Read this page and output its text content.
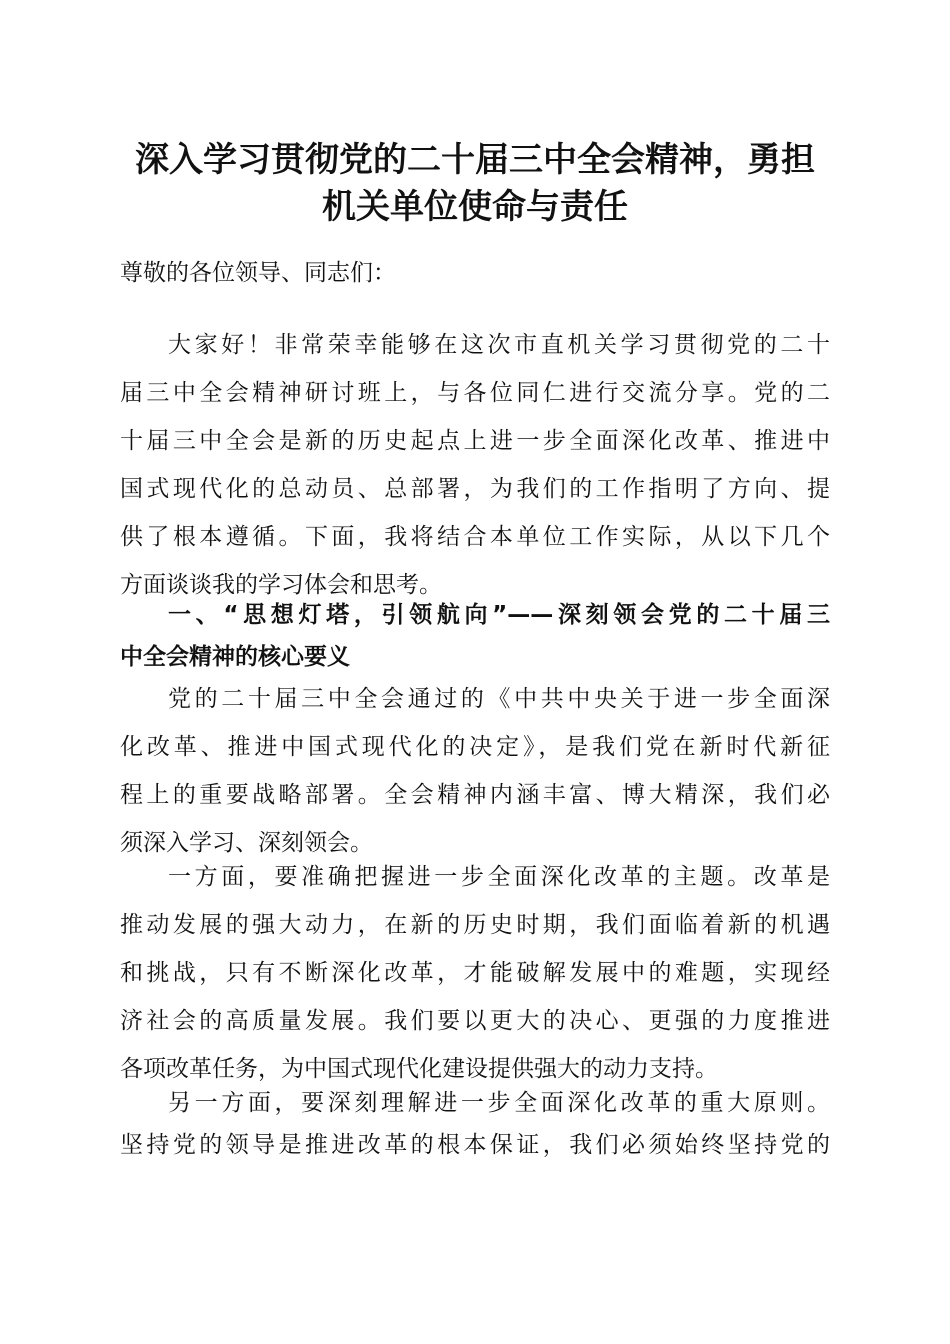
深入学习贯彻党的二十届三中全会精神，勇担
机关单位使命与责任
尊敬的各位领导、同志们：
大家好！非常荣幸能够在这次市直机关学习贯彻党的二十
届三中全会精神研讨班上，与各位同仁进行交流分享。党的二
十届三中全会是新的历史起点上进一步全面深化改革、推进中
国式现代化的总动员、总部署，为我们的工作指明了方向、提
供了根本遵循。下面，我将结合本单位工作实际，从以下几个
方面谈谈我的学习体会和思考。
一、“思想灯塔，引领航向”——深刻领会党的二十届三
中全会精神的核心要义
党的二十届三中全会通过的《中共中央关于进一步全面深
化改革、推进中国式现代化的决定》，是我们党在新时代新征
程上的重要战略部署。全会精神内涵丰富、博大精深，我们必
须深入学习、深刻领会。
一方面，要准确把握进一步全面深化改革的主题。改革是
推动发展的强大动力，在新的历史时期，我们面临着新的机遇
和挑战，只有不断深化改革，才能破解发展中的难题，实现经
济社会的高质量发展。我们要以更大的决心、更强的力度推进
各项改革任务，为中国式现代化建设提供强大的动力支持。
另一方面，要深刻理解进一步全面深化改革的重大原则。
坚持党的领导是推进改革的根本保证，我们必须始终坚持党的
